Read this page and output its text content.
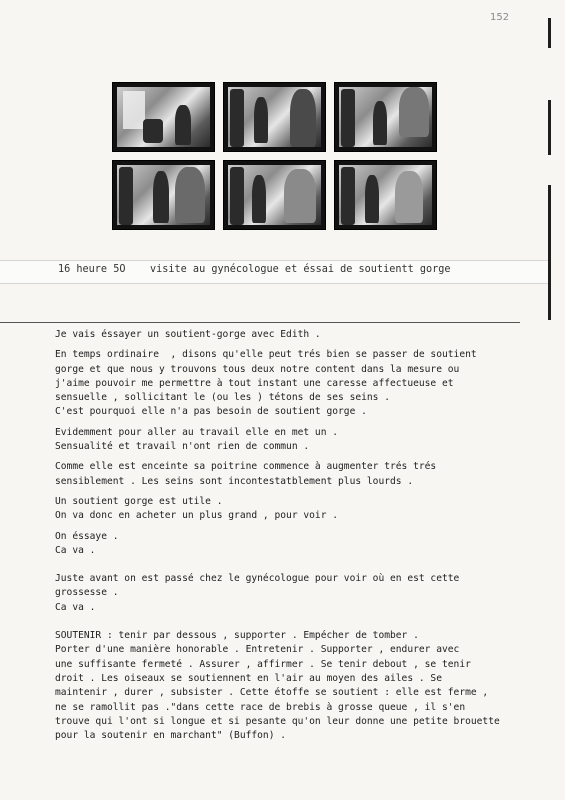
152
16 heure 5O    visite au gynécologue et éssai de soutientt gorge
Je vais éssayer un soutient-gorge avec Edith .
En temps ordinaire  , disons qu'elle peut trés bien se passer de soutient
gorge et que nous y trouvons tous deux notre content dans la mesure ou
j'aime pouvoir me permettre à tout instant une caresse affectueuse et
sensuelle , sollicitant le (ou les ) tétons de ses seins .
C'est pourquoi elle n'a pas besoin de soutient gorge .
Evidemment pour aller au travail elle en met un .
Sensualité et travail n'ont rien de commun .
Comme elle est enceinte sa poitrine commence à augmenter trés trés
sensiblement . Les seins sont incontestatblement plus lourds .
Un soutient gorge est utile .
On va donc en acheter un plus grand , pour voir .
On éssaye .
Ca va .
Juste avant on est passé chez le gynécologue pour voir où en est cette
grossesse .
Ca va .
SOUTENIR : tenir par dessous , supporter . Empécher de tomber .
Porter d'une manière honorable . Entretenir . Supporter , endurer avec
une suffisante fermeté . Assurer , affirmer . Se tenir debout , se tenir
droit . Les oiseaux se soutiennent en l'air au moyen des ailes . Se
maintenir , durer , subsister . Cette étoffe se soutient : elle est ferme ,
ne se ramollit pas ."dans cette race de brebis à grosse queue , il s'en
trouve qui l'ont si longue et si pesante qu'on leur donne une petite brouette
pour la soutenir en marchant" (Buffon) .
